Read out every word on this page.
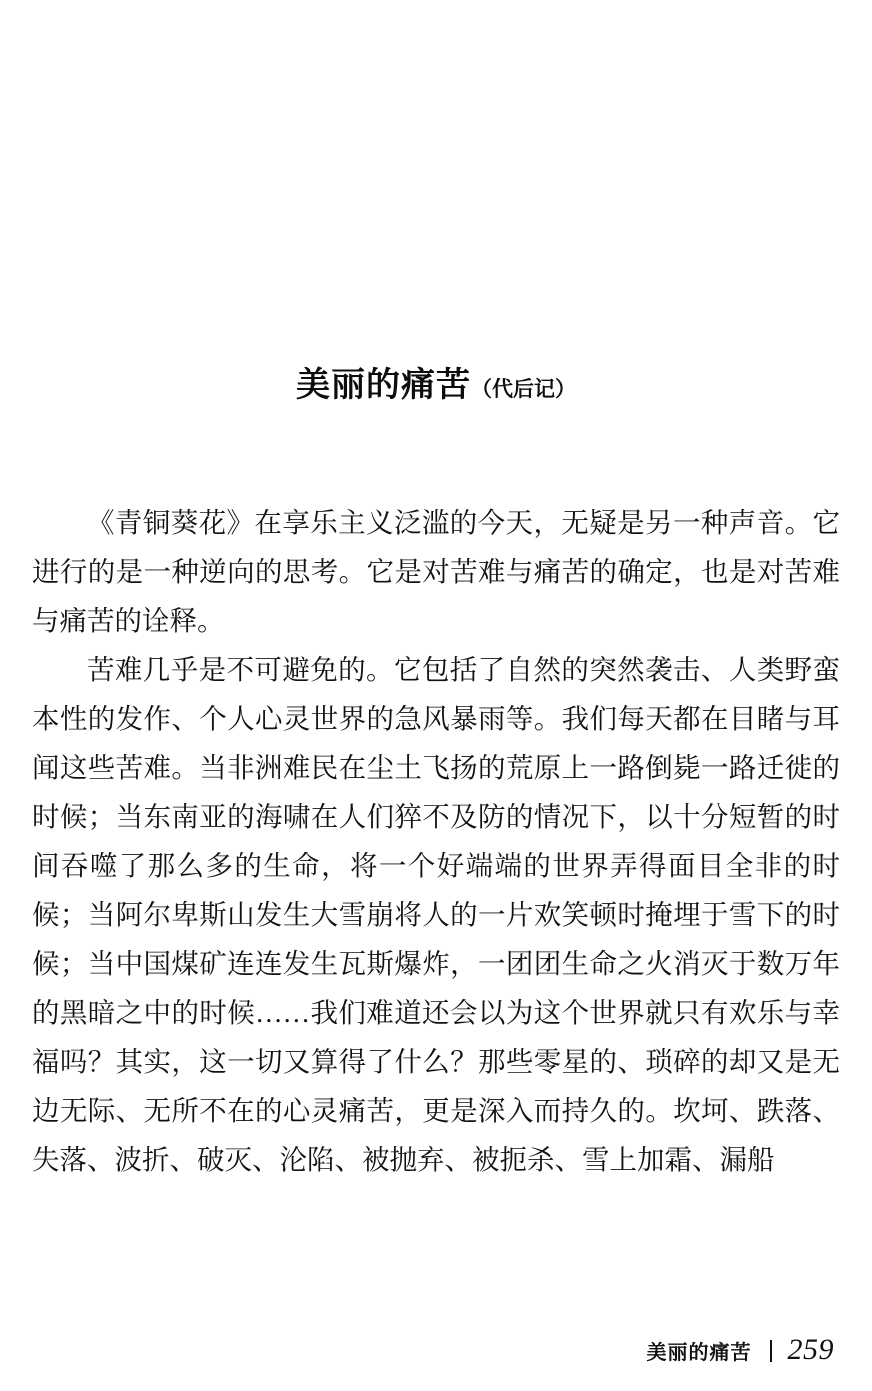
美丽的痛苦（代后记）

《青铜葵花》在享乐主义泛滥的今天，无疑是另一种声音。它进行的是一种逆向的思考。它是对苦难与痛苦的确定，也是对苦难与痛苦的诠释。

苦难几乎是不可避免的。它包括了自然的突然袭击、人类野蛮本性的发作、个人心灵世界的急风暴雨等。我们每天都在目睹与耳闻这些苦难。当非洲难民在尘土飞扬的荒原上一路倒毙一路迁徙的时候；当东南亚的海啸在人们猝不及防的情况下，以十分短暂的时间吞噬了那么多的生命，将一个好端端的世界弄得面目全非的时候；当阿尔卑斯山发生大雪崩将人的一片欢笑顿时掩埋于雪下的时候；当中国煤矿连连发生瓦斯爆炸，一团团生命之火消灭于数万年的黑暗之中的时候……我们难道还会以为这个世界就只有欢乐与幸福吗？其实，这一切又算得了什么？那些零星的、琐碎的却又是无边无际、无所不在的心灵痛苦，更是深入而持久的。坎坷、跌落、失落、波折、破灭、沦陷、被抛弃、被扼杀、雪上加霜、漏船

美丽的痛苦 259
